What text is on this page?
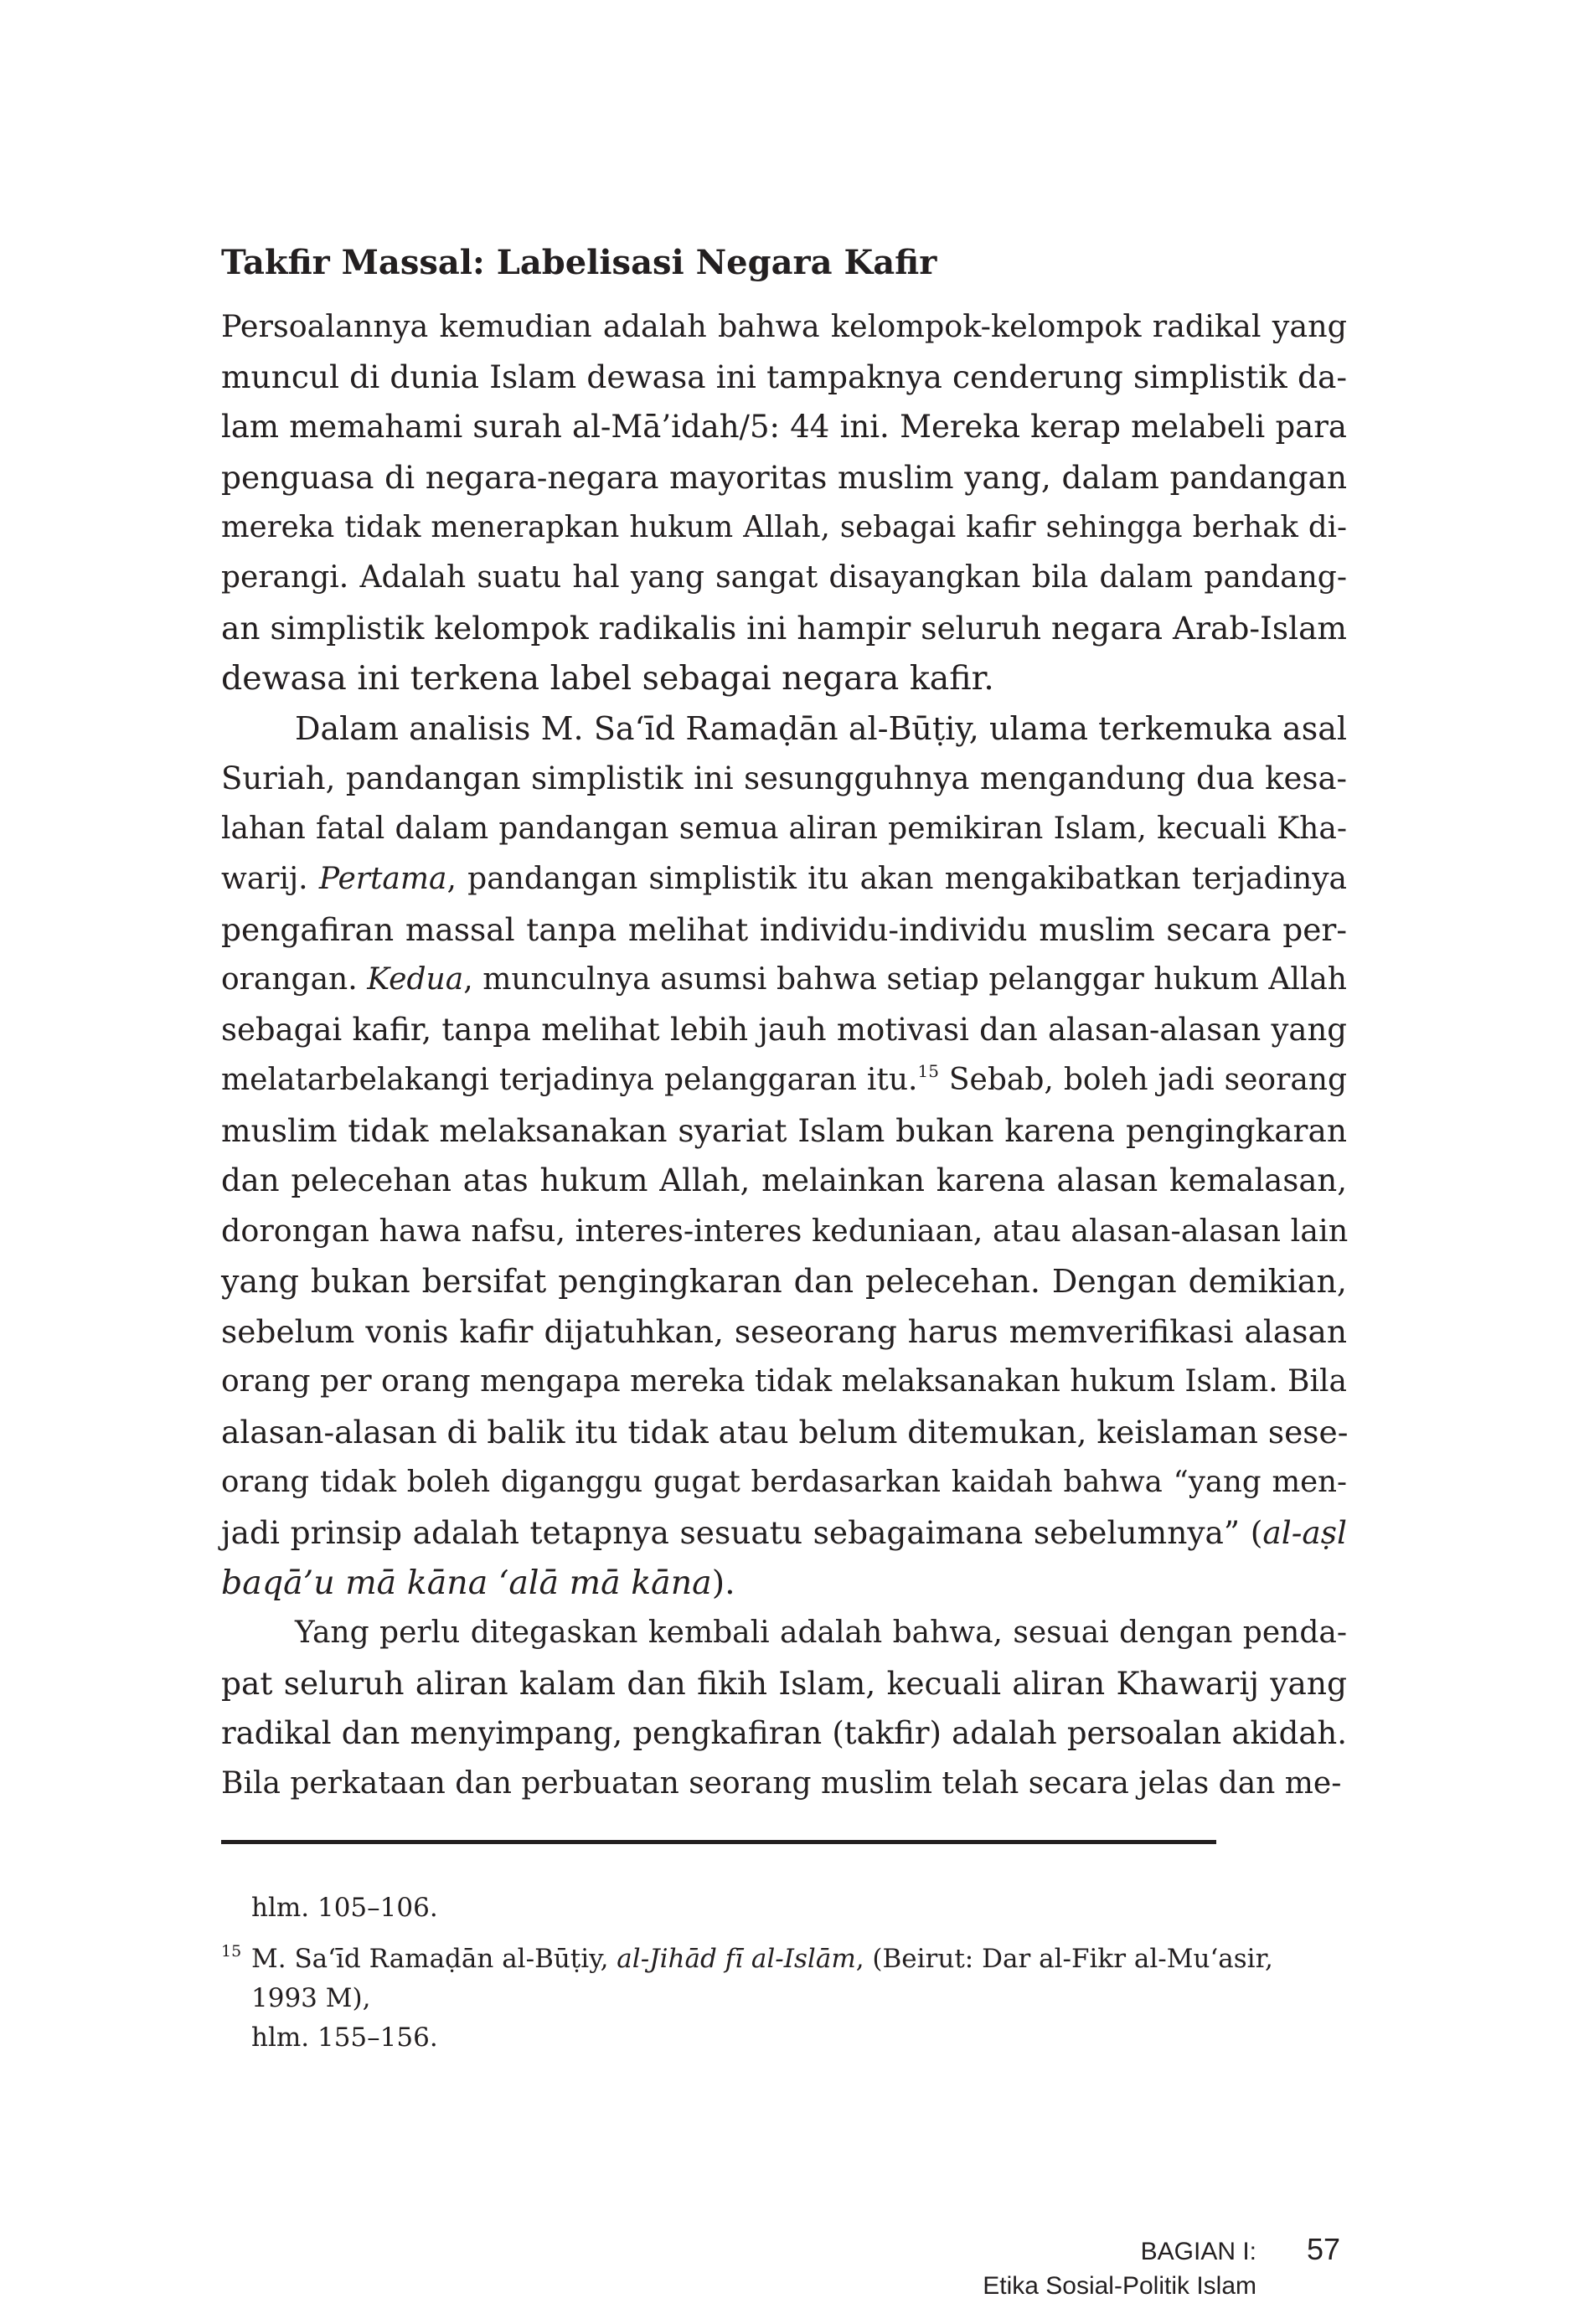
Takfir Massal: Labelisasi Negara Kafir

Persoalannya kemudian adalah bahwa kelompok-kelompok radikal yang
muncul di dunia Islam dewasa ini tampaknya cenderung simplistik da-
lam memahami surah al-Mā’idah/5: 44 ini. Mereka kerap melabeli para
penguasa di negara-negara mayoritas muslim yang, dalam pandangan
mereka tidak menerapkan hukum Allah, sebagai kafir sehingga berhak di-
perangi. Adalah suatu hal yang sangat disayangkan bila dalam pandang-
an simplistik kelompok radikalis ini hampir seluruh negara Arab-Islam
dewasa ini terkena label sebagai negara kafir.

Dalam analisis M. Sa‘īd Ramaḍān al-Būṭiy, ulama terkemuka asal
Suriah, pandangan simplistik ini sesungguhnya mengandung dua kesa-
lahan fatal dalam pandangan semua aliran pemikiran Islam, kecuali Kha-
warij. Pertama, pandangan simplistik itu akan mengakibatkan terjadinya
pengafiran massal tanpa melihat individu-individu muslim secara per-
orangan. Kedua, munculnya asumsi bahwa setiap pelanggar hukum Allah
sebagai kafir, tanpa melihat lebih jauh motivasi dan alasan-alasan yang
melatarbelakangi terjadinya pelanggaran itu.$^{15}$ Sebab, boleh jadi seorang
muslim tidak melaksanakan syariat Islam bukan karena pengingkaran
dan pelecehan atas hukum Allah, melainkan karena alasan kemalasan,
dorongan hawa nafsu, interes-interes keduniaan, atau alasan-alasan lain
yang bukan bersifat pengingkaran dan pelecehan. Dengan demikian,
sebelum vonis kafir dijatuhkan, seseorang harus memverifikasi alasan
orang per orang mengapa mereka tidak melaksanakan hukum Islam. Bila
alasan-alasan di balik itu tidak atau belum ditemukan, keislaman sese-
orang tidak boleh diganggu gugat berdasarkan kaidah bahwa “yang men-
jadi prinsip adalah tetapnya sesuatu sebagaimana sebelumnya” (al-aṣl
baqā’u mā kāna ‘alā mā kāna).

Yang perlu ditegaskan kembali adalah bahwa, sesuai dengan penda-
pat seluruh aliran kalam dan fikih Islam, kecuali aliran Khawarij yang
radikal dan menyimpang, pengkafiran (takfir) adalah persoalan akidah.
Bila perkataan dan perbuatan seorang muslim telah secara jelas dan me-

hlm. 105–106.

15 M. Sa‘īd Ramaḍān al-Būṭiy, al-Jihād fī al-Islām, (Beirut: Dar al-Fikr al-Mu‘asir, 1993 M),
hlm. 155–156.

BAGIAN I:
Etika Sosial-Politik Islam
57
